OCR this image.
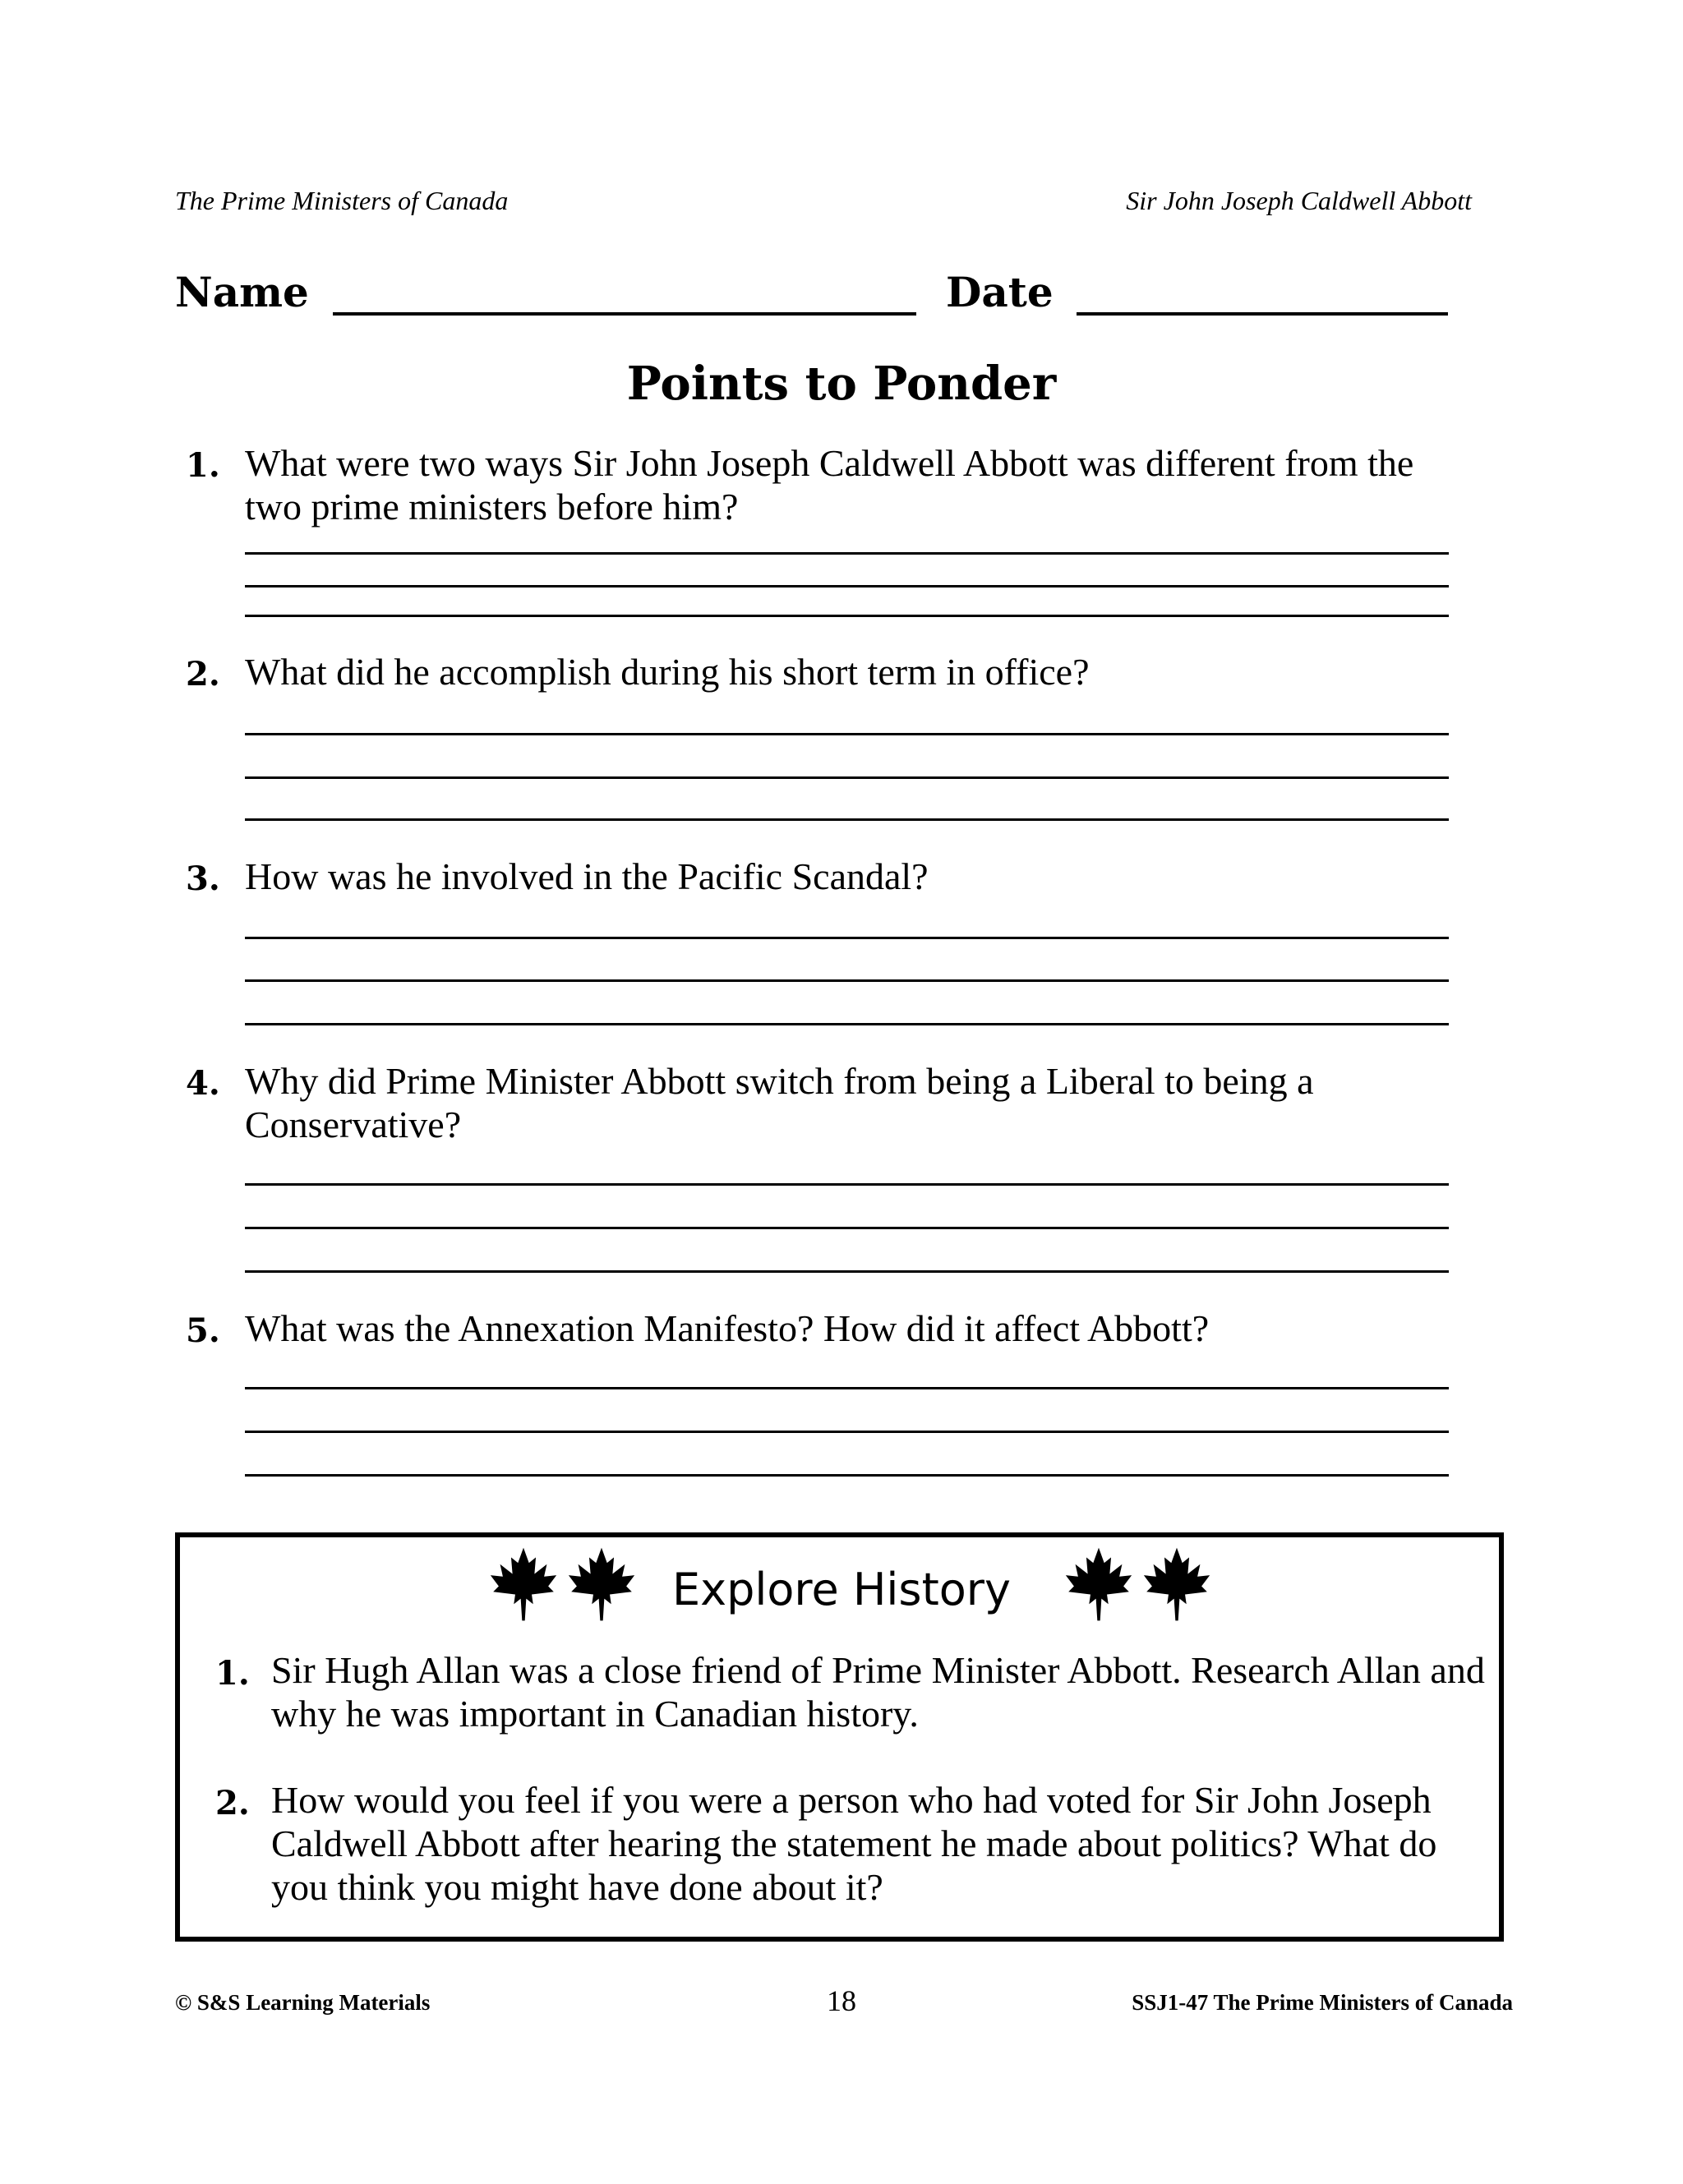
The Prime Ministers of Canada	Sir John Joseph Caldwell Abbott
Name	Date
Points to Ponder
1. What were two ways Sir John Joseph Caldwell Abbott was different from the two prime ministers before him?
2. What did he accomplish during his short term in office?
3. How was he involved in the Pacific Scandal?
4. Why did Prime Minister Abbott switch from being a Liberal to being a Conservative?
5. What was the Annexation Manifesto? How did it affect Abbott?
Explore History
1. Sir Hugh Allan was a close friend of Prime Minister Abbott. Research Allan and why he was important in Canadian history.
2. How would you feel if you were a person who had voted for Sir John Joseph Caldwell Abbott after hearing the statement he made about politics? What do you think you might have done about it?
© S&S Learning Materials	18	SSJ1-47 The Prime Ministers of Canada
